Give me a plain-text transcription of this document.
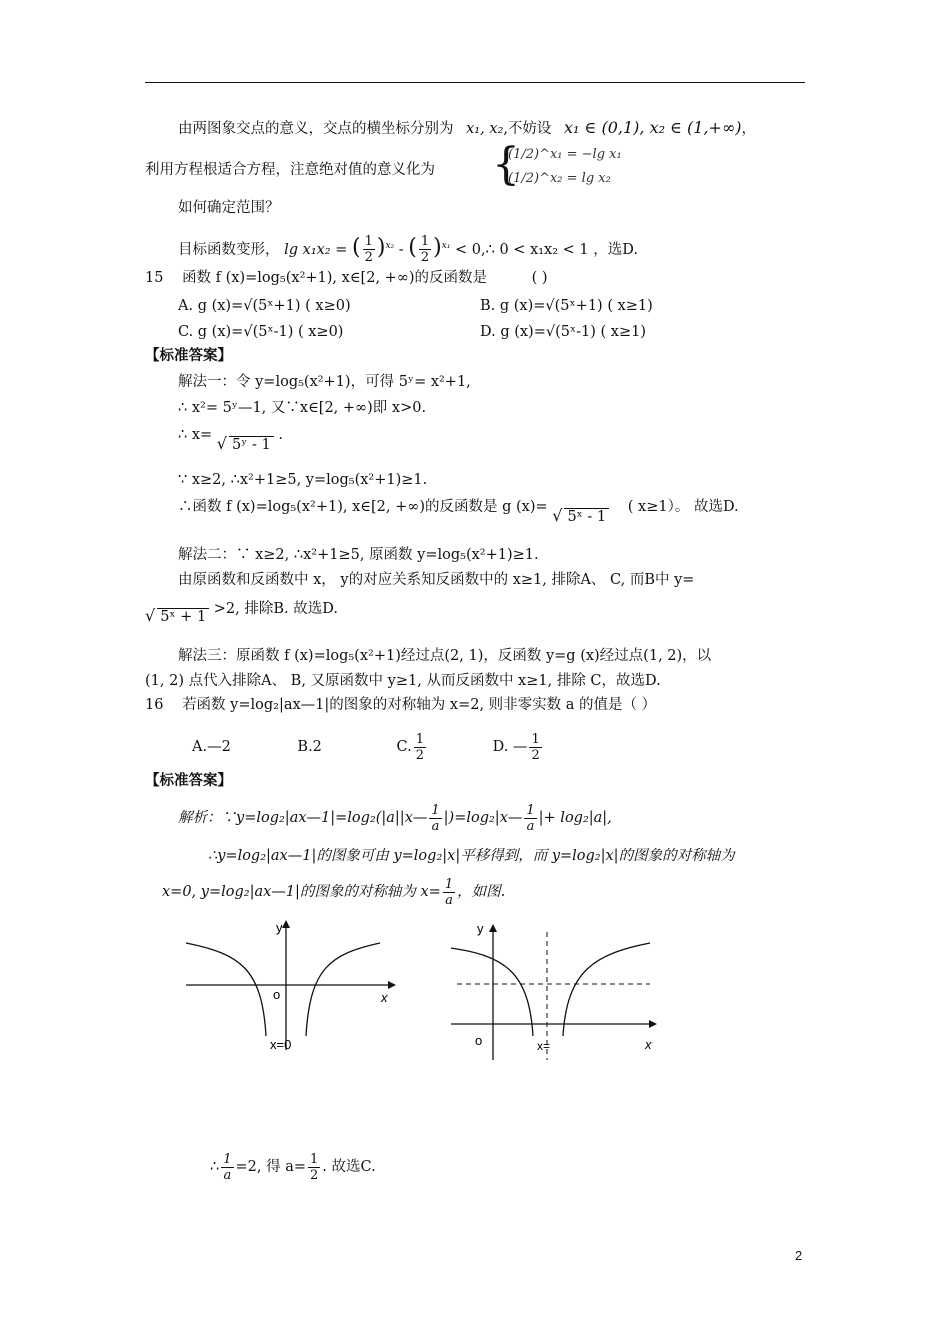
由两图象交点的意义，交点的横坐标分别为 x₁, x₂,不妨设 x₁ ∈ (0,1), x₂ ∈ (1,+∞)，
利用方程根适合方程，注意绝对值的意义化为 {
(1/2)^x₁ = −lg x₁
(1/2)^x₂ = lg x₂
如何确定范围？
目标函数变形， lg x₁x₂ = ( $\frac{1}{2} )^{x_2}$ - ( $\frac{1}{2} )^{x_1}$ < 0,∴ 0 < x₁x₂ < 1 ，选D.
15 函数 f (x)=log₅(x²+1), x∈[2, +∞)的反函数是	( )
A. g (x)=√(5ˣ+1) ( x≥0)	B. g (x)=√(5ˣ+1) ( x≥1)
C. g (x)=√(5ˣ-1) ( x≥0)	D. g (x)=√(5ˣ-1) ( x≥1)
【标准答案】
解法一：令 y=log₅(x²+1)，可得 5ʸ= x²+1,
∴ x²= 5ʸ—1, 又∵x∈[2, +∞)即 x>0.
∴ x= √ 5ʸ - 1 .
∵ x≥2, ∴x²+1≥5, y=log₅(x²+1)≥1.
∴函数 f (x)=log₅(x²+1), x∈[2, +∞)的反函数是 g (x)= √ 5ˣ - 1 ( x≥1）。 故选D.
解法二：∵ x≥2, ∴x²+1≥5, 原函数 y=log₅(x²+1)≥1.
由原函数和反函数中 x， y的对应关系知反函数中的 x≥1, 排除A、 C, 而B中 y=
√ 5ˣ + 1 >2, 排除B. 故选D.
解法三：原函数 f (x)=log₅(x²+1)经过点(2, 1)，反函数 y=g (x)经过点(1, 2)，以
(1, 2) 点代入排除A、 B, 又原函数中 y≥1, 从而反函数中 x≥1, 排除 C，故选D.
16 若函数 y=log₂|ax—1|的图象的对称轴为 x=2, 则非零实数 a 的值是（ ）
A.—2	B.2	C. $\frac{1}{2}$	D. — $\frac{1}{2}$
【标准答案】
解析：∵y=log₂|ax—1|=log₂(|a||x— $\frac{1}{a}$ |)=log₂|x— $\frac{1}{a}$ |+ log₂|a|,
∴y=log₂|ax—1|的图象可由 y=log₂|x|平移得到，而 y=log₂|x|的图象的对称轴为
x=0, y=log₂|ax—1|的图象的对称轴为 $x= \frac{1}{a}$ ，如图.
y
o	x
x=0
y
o	x
x=
∴ $\frac{1}{a} =2$, 得 $a= \frac{1}{2}$ . 故选C.
2
